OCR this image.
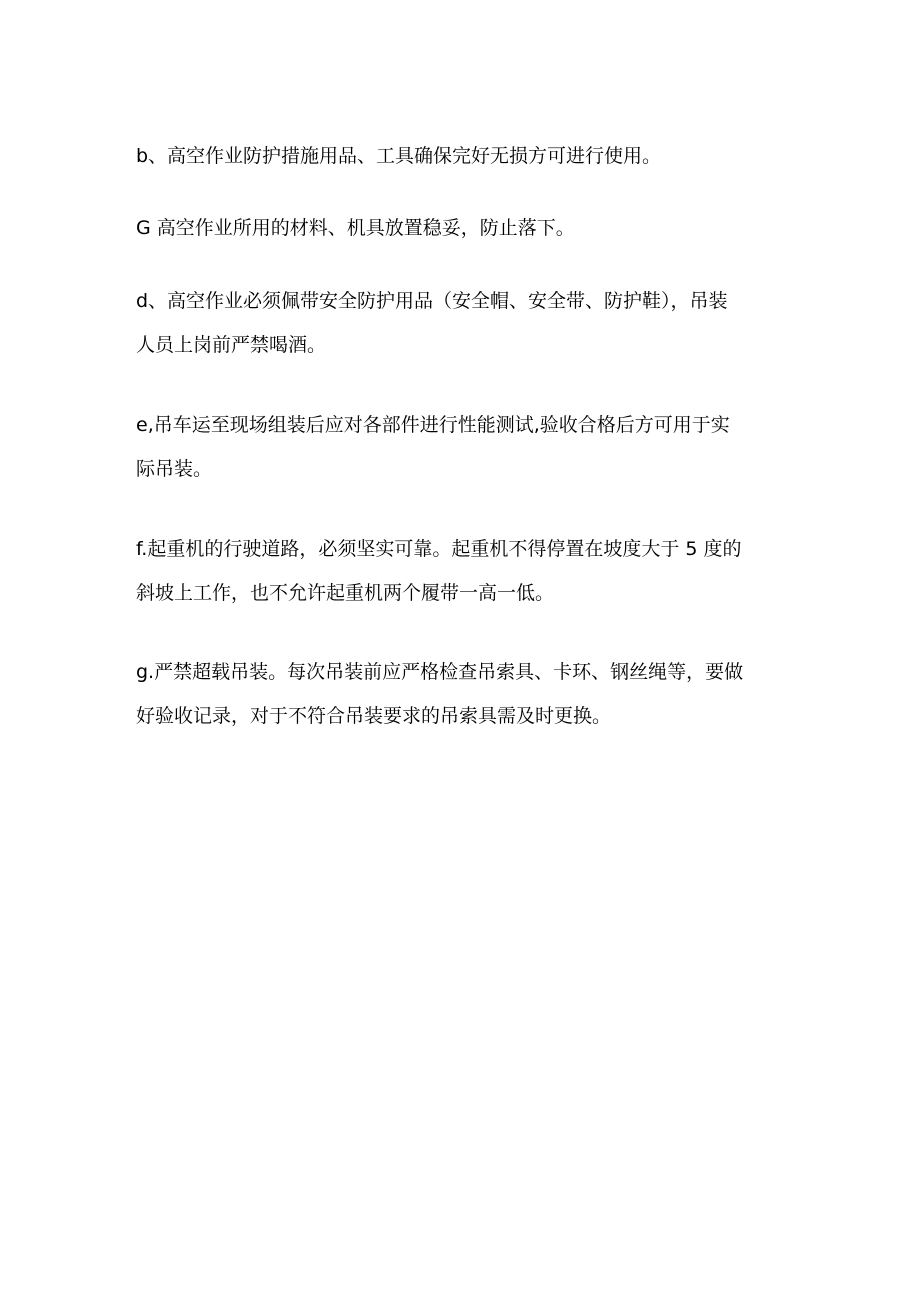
b、高空作业防护措施用品、工具确保完好无损方可进行使用。

G 高空作业所用的材料、机具放置稳妥，防止落下。

d、高空作业必须佩带安全防护用品（安全帽、安全带、防护鞋），吊装
人员上岗前严禁喝酒。

e,吊车运至现场组装后应对各部件进行性能测试,验收合格后方可用于实
际吊装。

f.起重机的行驶道路，必须坚实可靠。起重机不得停置在坡度大于 5 度的
斜坡上工作，也不允许起重机两个履带一高一低。

g.严禁超载吊装。每次吊装前应严格检查吊索具、卡环、钢丝绳等，要做
好验收记录，对于不符合吊装要求的吊索具需及时更换。
